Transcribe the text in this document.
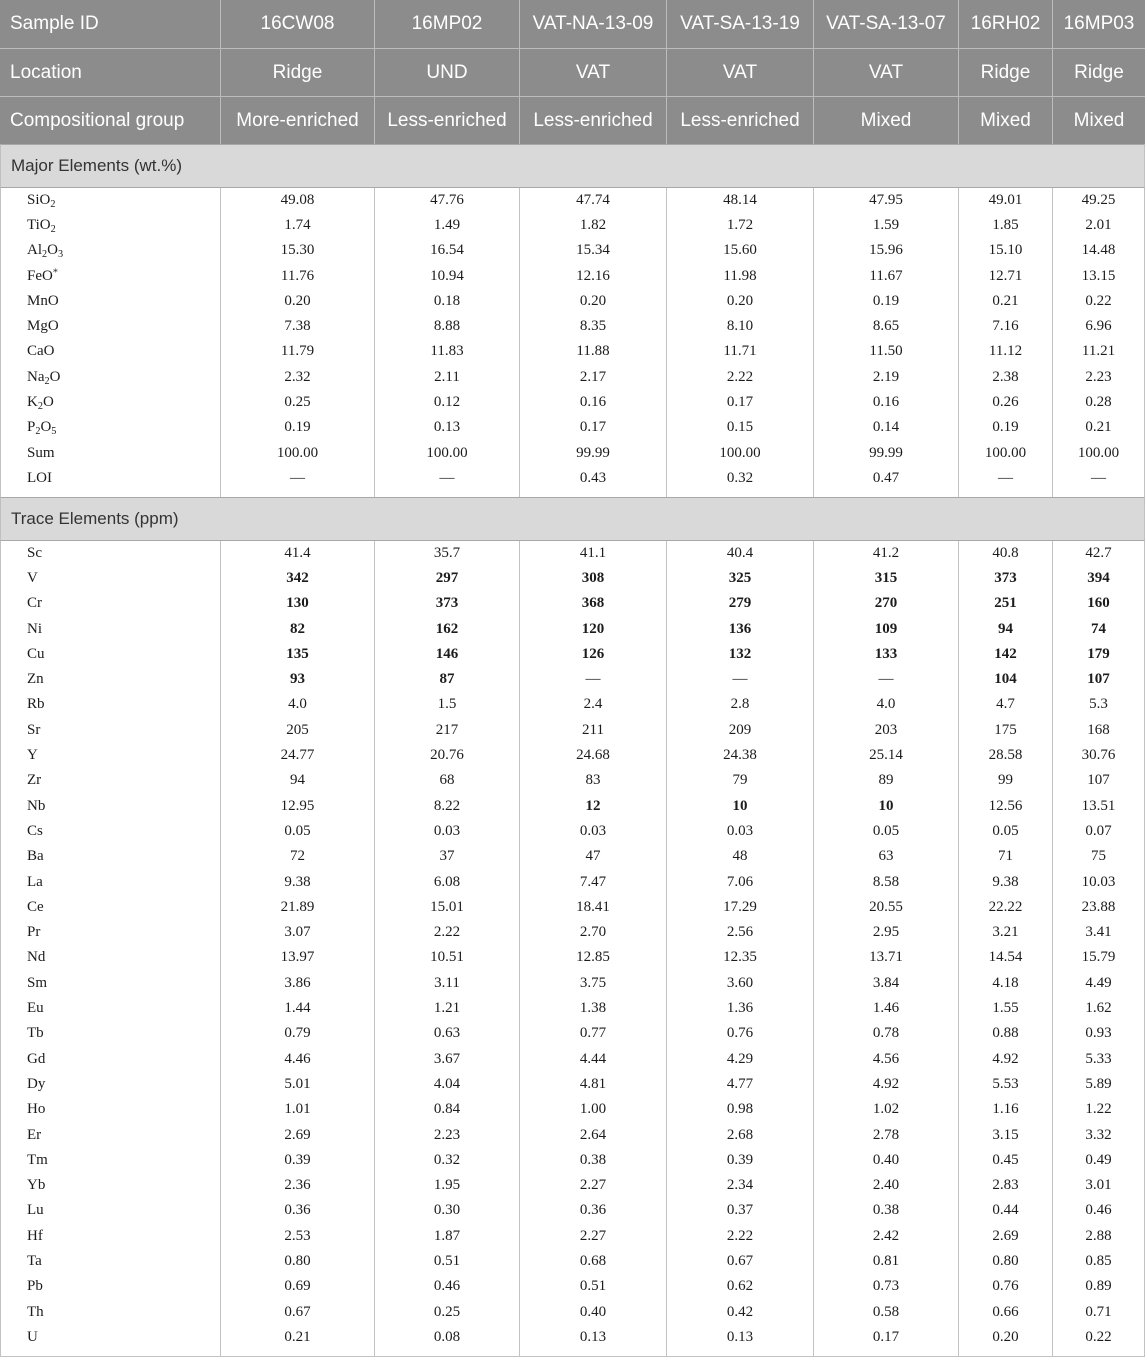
Sample ID	16CW08	16MP02	VAT-NA-13-09	VAT-SA-13-19	VAT-SA-13-07	16RH02	16MP03
Location	Ridge	UND	VAT	VAT	VAT	Ridge	Ridge
Compositional group	More-enriched	Less-enriched	Less-enriched	Less-enriched	Mixed	Mixed	Mixed
Major Elements (wt.%)
SiO$_2$	49.08	47.76	47.74	48.14	47.95	49.01	49.25
TiO$_2$	1.74	1.49	1.82	1.72	1.59	1.85	2.01
$Al_2O_3$	15.30	16.54	15.34	15.60	15.96	15.10	14.48
FeO*	11.76	10.94	12.16	11.98	11.67	12.71	13.15
MnO	0.20	0.18	0.20	0.20	0.19	0.21	0.22
MgO	7.38	8.88	8.35	8.10	8.65	7.16	6.96
CaO	11.79	11.83	11.88	11.71	11.50	11.12	11.21
$Na_2O$	2.32	2.11	2.17	2.22	2.19	2.38	2.23
$K_2O$	0.25	0.12	0.16	0.17	0.16	0.26	0.28
$P_2O_5$	0.19	0.13	0.17	0.15	0.14	0.19	0.21
Sum	100.00	100.00	99.99	100.00	99.99	100.00	100.00
LOI	—	—	0.43	0.32	0.47	—	—
Trace Elements (ppm)
Sc	41.4	35.7	41.1	40.4	41.2	40.8	42.7
V	342	297	308	325	315	373	394
Cr	130	373	368	279	270	251	160
Ni	82	162	120	136	109	94	74
Cu	135	146	126	132	133	142	179
Zn	93	87	—	—	—	104	107
Rb	4.0	1.5	2.4	2.8	4.0	4.7	5.3
Sr	205	217	211	209	203	175	168
Y	24.77	20.76	24.68	24.38	25.14	28.58	30.76
Zr	94	68	83	79	89	99	107
Nb	12.95	8.22	12	10	10	12.56	13.51
Cs	0.05	0.03	0.03	0.03	0.05	0.05	0.07
Ba	72	37	47	48	63	71	75
La	9.38	6.08	7.47	7.06	8.58	9.38	10.03
Ce	21.89	15.01	18.41	17.29	20.55	22.22	23.88
Pr	3.07	2.22	2.70	2.56	2.95	3.21	3.41
Nd	13.97	10.51	12.85	12.35	13.71	14.54	15.79
Sm	3.86	3.11	3.75	3.60	3.84	4.18	4.49
Eu	1.44	1.21	1.38	1.36	1.46	1.55	1.62
Tb	0.79	0.63	0.77	0.76	0.78	0.88	0.93
Gd	4.46	3.67	4.44	4.29	4.56	4.92	5.33
Dy	5.01	4.04	4.81	4.77	4.92	5.53	5.89
Ho	1.01	0.84	1.00	0.98	1.02	1.16	1.22
Er	2.69	2.23	2.64	2.68	2.78	3.15	3.32
Tm	0.39	0.32	0.38	0.39	0.40	0.45	0.49
Yb	2.36	1.95	2.27	2.34	2.40	2.83	3.01
Lu	0.36	0.30	0.36	0.37	0.38	0.44	0.46
Hf	2.53	1.87	2.27	2.22	2.42	2.69	2.88
Ta	0.80	0.51	0.68	0.67	0.81	0.80	0.85
Pb	0.69	0.46	0.51	0.62	0.73	0.76	0.89
Th	0.67	0.25	0.40	0.42	0.58	0.66	0.71
U	0.21	0.08	0.13	0.13	0.17	0.20	0.22
